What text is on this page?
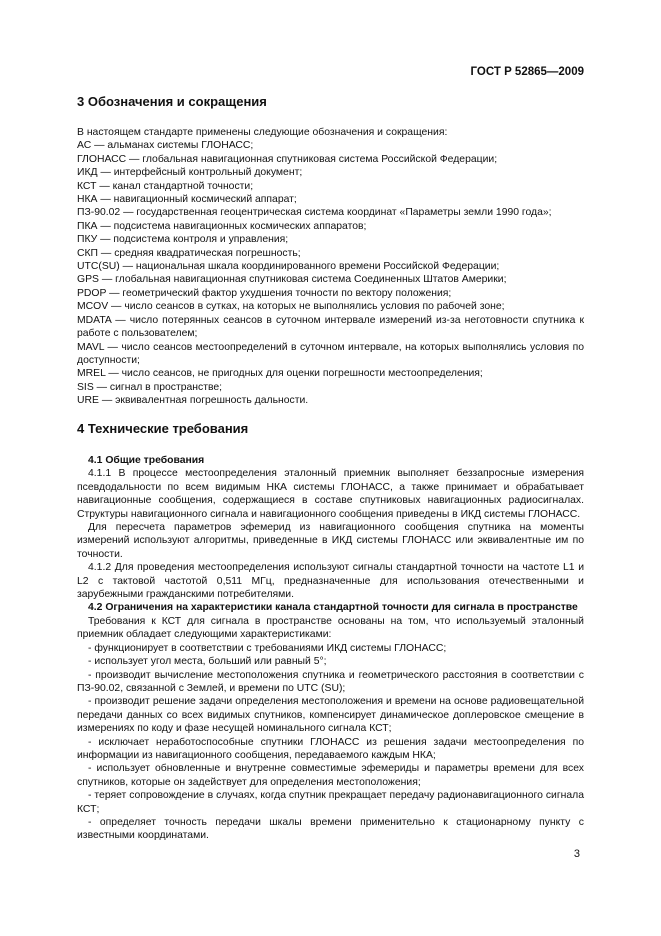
ГОСТ Р 52865—2009
3 Обозначения и сокращения

В настоящем стандарте применены следующие обозначения и сокращения:

АС — альманах системы ГЛОНАСС;

ГЛОНАСС — глобальная навигационная спутниковая система Российской Федерации;

ИКД — интерфейсный контрольный документ;

КСТ — канал стандартной точности;

НКА — навигационный космический аппарат;

ПЗ-90.02 — государственная геоцентрическая система координат «Параметры земли 1990 года»;

ПКА — подсистема навигационных космических аппаратов;

ПКУ — подсистема контроля и управления;

СКП — средняя квадратическая погрешность;

UTC(SU) — национальная шкала координированного времени Российской Федерации;

GPS — глобальная навигационная спутниковая система Соединенных Штатов Америки;

PDOP — геометрический фактор ухудшения точности по вектору положения;

MCOV — число сеансов в сутках, на которых не выполнялись условия по рабочей зоне;

MDATA — число потерянных сеансов в суточном интервале измерений из-за неготовности спутника к работе с пользователем;

MAVL — число сеансов местоопределений в суточном интервале, на которых выполнялись условия по доступности;

MREL — число сеансов, не пригодных для оценки погрешности местоопределения;

SIS — сигнал в пространстве;

URE — эквивалентная погрешность дальности.

4 Технические требования

4.1 Общие требования

4.1.1 В процессе местоопределения эталонный приемник выполняет беззапросные измерения псевдодальности по всем видимым НКА системы ГЛОНАСС, а также принимает и обрабатывает навигационные сообщения, содержащиеся в составе спутниковых навигационных радиосигналах. Структуры навигационного сигнала и навигационного сообщения приведены в ИКД системы ГЛОНАСС.

Для пересчета параметров эфемерид из навигационного сообщения спутника на моменты измерений используют алгоритмы, приведенные в ИКД системы ГЛОНАСС или эквивалентные им по точности.

4.1.2 Для проведения местоопределения используют сигналы стандартной точности на частоте L1 и L2 с тактовой частотой 0,511 МГц, предназначенные для использования отечественными и зарубежными гражданскими потребителями.

4.2 Ограничения на характеристики канала стандартной точности для сигнала в пространстве

Требования к КСТ для сигнала в пространстве основаны на том, что используемый эталонный приемник обладает следующими характеристиками:

- функционирует в соответствии с требованиями ИКД системы ГЛОНАСС;

- использует угол места, больший или равный 5°;

- производит вычисление местоположения спутника и геометрического расстояния в соответствии с ПЗ-90.02, связанной с Землей, и времени по UTC (SU);

- производит решение задачи определения местоположения и времени на основе радиовещательной передачи данных со всех видимых спутников, компенсирует динамическое доплеровское смещение в измерениях по коду и фазе несущей номинального сигнала КСТ;

- исключает неработоспособные спутники ГЛОНАСС из решения задачи местоопределения по информации из навигационного сообщения, передаваемого каждым НКА;

- использует обновленные и внутренне совместимые эфемериды и параметры времени для всех спутников, которые он задействует для определения местоположения;

- теряет сопровождение в случаях, когда спутник прекращает передачу радионавигационного сигнала КСТ;

- определяет точность передачи шкалы времени применительно к стационарному пункту с известными координатами.

3
